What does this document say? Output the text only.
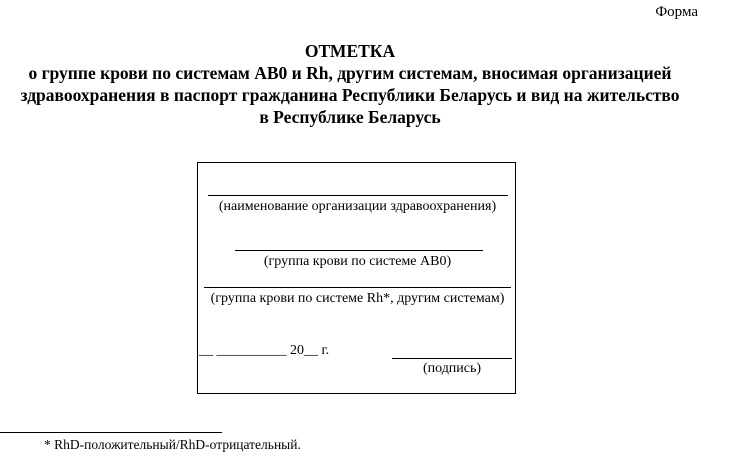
Форма
ОТМЕТКА
о группе крови по системам АВ0 и Rh, другим системам, вносимая организацией
здравоохранения в паспорт гражданина Республики Беларусь и вид на жительство
в Республике Беларусь
(наименование организации здравоохранения)
(группа крови по системе АВ0)
(группа крови по системе Rh*, другим системам)
__ __________ 20__ г.
(подпись)
* RhD-положительный/RhD-отрицательный.
